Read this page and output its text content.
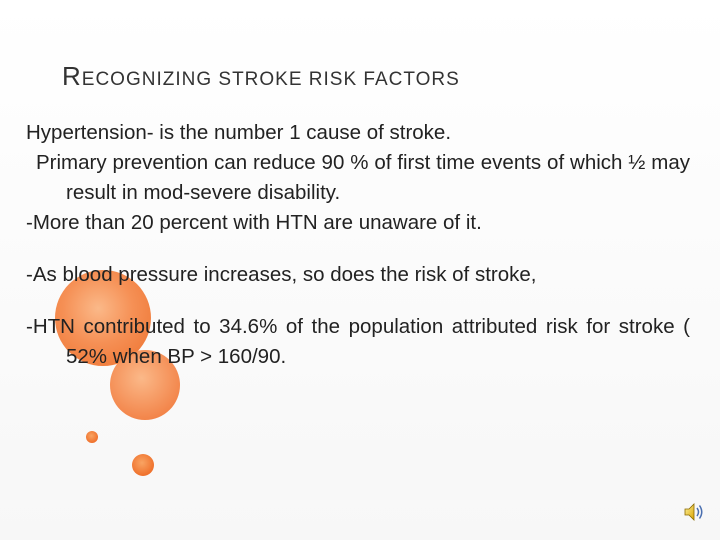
RECOGNIZING STROKE RISK FACTORS

Hypertension- is the number 1 cause of stroke.

Primary prevention can reduce 90 % of first time events of which ½ may result in mod-severe disability.

-More than 20 percent with HTN are unaware of it.

-As blood pressure increases, so does the risk of stroke,

-HTN contributed to 34.6% of the population attributed risk for stroke ( 52% when BP > 160/90.
